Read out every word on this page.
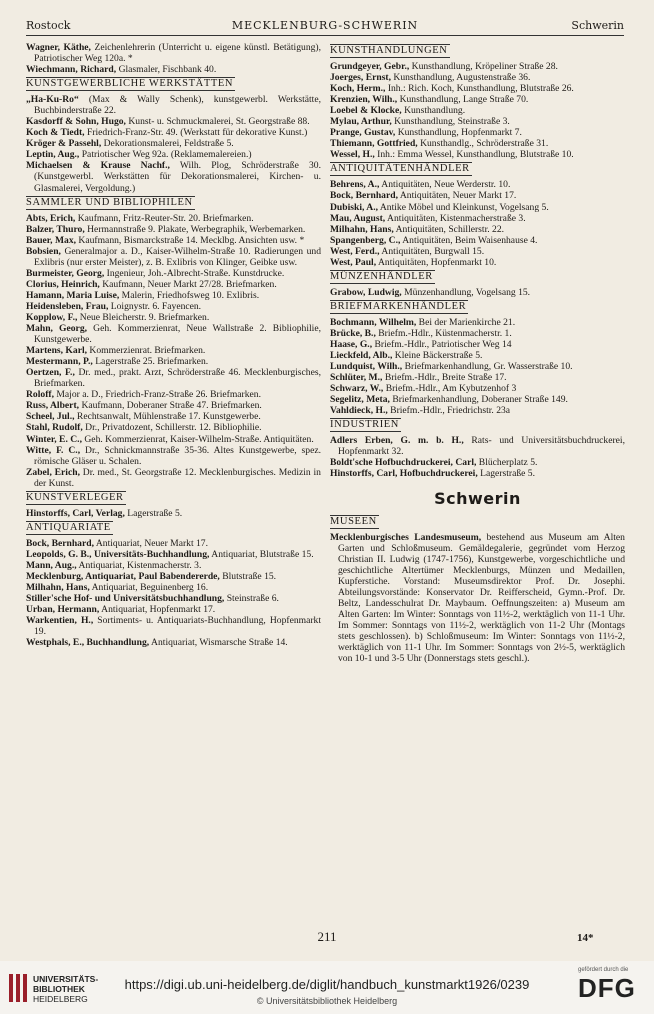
Rostock	MECKLENBURG-SCHWERIN	Schwerin

Wagner, Käthe, Zeichenlehrerin (Unterricht u. eigene künstl. Betätigung), Patriotischer Weg 120a. *

Wiechmann, Richard, Glasmaler, Fischbank 40.

KUNSTGEWERBLICHE WERKSTÄTTEN

„Ha-Ku-Ro“ (Max & Wally Schenk), kunstgewerbl. Werkstätte, Buchbinderstraße 22.

Kasdorff & Sohn, Hugo, Kunst- u. Schmuckmalerei, St. Georgstraße 88.

Koch & Tiedt, Friedrich-Franz-Str. 49. (Werkstatt für dekorative Kunst.)

Kröger & Passehl, Dekorationsmalerei, Feldstraße 5.

Leptin, Aug., Patriotischer Weg 92a. (Reklamemalereien.)

Michaelsen & Krause Nachf., Wilh. Plog, Schröderstraße 30. (Kunstgewerbl. Werkstätten für Dekorationsmalerei, Kirchen- u. Glasmalerei, Vergoldung.)

SAMMLER UND BIBLIOPHILEN

Abts, Erich, Kaufmann, Fritz-Reuter-Str. 20. Briefmarken.

Balzer, Thuro, Hermannstraße 9. Plakate, Werbegraphik, Werbemarken.

Bauer, Max, Kaufmann, Bismarckstraße 14. Mecklbg. Ansichten usw. *

Bobsien, Generalmajor a. D., Kaiser-Wilhelm-Straße 10. Radierungen und Exlibris (nur erster Meister), z. B. Exlibris von Klinger, Geibke usw.

Burmeister, Georg, Ingenieur, Joh.-Albrecht-Straße. Kunstdrucke.

Clorius, Heinrich, Kaufmann, Neuer Markt 27/28. Briefmarken.

Hamann, Maria Luise, Malerin, Friedhofsweg 10. Exlibris.

Heidensleben, Frau, Loignystr. 6. Fayencen.

Kopplow, F., Neue Bleicherstr. 9. Briefmarken.

Mahn, Georg, Geh. Kommerzienrat, Neue Wallstraße 2. Bibliophilie, Kunstgewerbe.

Martens, Karl, Kommerzienrat. Briefmarken.

Mestermann, P., Lagerstraße 25. Briefmarken.

Oertzen, F., Dr. med., prakt. Arzt, Schröderstraße 46. Mecklenburgisches, Briefmarken.

Roloff, Major a. D., Friedrich-Franz-Straße 26. Briefmarken.

Russ, Albert, Kaufmann, Doberaner Straße 47. Briefmarken.

Scheel, Jul., Rechtsanwalt, Mühlenstraße 17. Kunstgewerbe.

Stahl, Rudolf, Dr., Privatdozent, Schillerstr. 12. Bibliophilie.

Winter, E. C., Geh. Kommerzienrat, Kaiser-Wilhelm-Straße. Antiquitäten.

Witte, F. C., Dr., Schnickmannstraße 35-36. Altes Kunstgewerbe, spez. römische Gläser u. Schalen.

Zabel, Erich, Dr. med., St. Georgstraße 12. Mecklenburgisches. Medizin in der Kunst.

KUNSTVERLEGER

Hinstorffs, Carl, Verlag, Lagerstraße 5.

ANTIQUARIATE

Bock, Bernhard, Antiquariat, Neuer Markt 17.

Leopolds, G. B., Universitäts-Buchhandlung, Antiquariat, Blutstraße 15.

Mann, Aug., Antiquariat, Kistenmacherstr. 3.

Mecklenburg, Antiquariat, Paul Babendererde, Blutstraße 15.

Milhahn, Hans, Antiquariat, Beguinenberg 16.

Stiller'sche Hof- und Universitätsbuchhandlung, Steinstraße 6.

Urban, Hermann, Antiquariat, Hopfenmarkt 17.

Warkentien, H., Sortiments- u. Antiquariats-Buchhandlung, Hopfenmarkt 19.

Westphals, E., Buchhandlung, Antiquariat, Wismarsche Straße 14.

KUNSTHANDLUNGEN

Grundgeyer, Gebr., Kunsthandlung, Kröpeliner Straße 28.

Joerges, Ernst, Kunsthandlung, Augustenstraße 36.

Koch, Herm., Inh.: Rich. Koch, Kunsthandlung, Blutstraße 26.

Krenzien, Wilh., Kunsthandlung, Lange Straße 70.

Loebel & Klocke, Kunsthandlung.

Mylau, Arthur, Kunsthandlung, Steinstraße 3.

Prange, Gustav, Kunsthandlung, Hopfenmarkt 7.

Thiemann, Gottfried, Kunsthandlg., Schröderstraße 31.

Wessel, H., Inh.: Emma Wessel, Kunsthandlung, Blutstraße 10.

ANTIQUITÄTENHÄNDLER

Behrens, A., Antiquitäten, Neue Werderstr. 10.

Bock, Bernhard, Antiquitäten, Neuer Markt 17.

Dubiski, A., Antike Möbel und Kleinkunst, Vogelsang 5.

Mau, August, Antiquitäten, Kistenmacherstraße 3.

Milhahn, Hans, Antiquitäten, Schillerstr. 22.

Spangenberg, C., Antiquitäten, Beim Waisenhause 4.

West, Ferd., Antiquitäten, Burgwall 15.

West, Paul, Antiquitäten, Hopfenmarkt 10.

MÜNZENHÄNDLER

Grabow, Ludwig, Münzenhandlung, Vogelsang 15.

BRIEFMARKENHÄNDLER

Bochmann, Wilhelm, Bei der Marienkirche 21.

Brücke, B., Briefm.-Hdlr., Küstenmacherstr. 1.

Haase, G., Briefm.-Hdlr., Patriotischer Weg 14

Lieckfeld, Alb., Kleine Bäckerstraße 5.

Lundquist, Wilh., Briefmarkenhandlung, Gr. Wasserstraße 10.

Schlüter, M., Briefm.-Hdlr., Breite Straße 17.

Schwarz, W., Briefm.-Hdlr., Am Kybutzenhof 3

Segelitz, Meta, Briefmarkenhandlung, Doberaner Straße 149.

Vahldieck, H., Briefm.-Hdlr., Friedrichstr. 23a

INDUSTRIEN

Adlers Erben, G. m. b. H., Rats- und Universitätsbuchdruckerei, Hopfenmarkt 32.

Boldt'sche Hofbuchdruckerei, Carl, Blücherplatz 5.

Hinstorffs, Carl, Hofbuchdruckerei, Lagerstraße 5.

Schwerin
MUSEEN

Mecklenburgisches Landesmuseum, bestehend aus Museum am Alten Garten und Schloßmuseum. Gemäldegalerie, gegründet vom Herzog Christian II. Ludwig (1747-1756), Kunstgewerbe, vorgeschichtliche und geschichtliche Altertümer Mecklenburgs, Münzen und Medaillen, Kupferstiche. Vorstand: Museumsdirektor Prof. Dr. Josephi. Abteilungsvorstände: Konservator Dr. Reifferscheid, Gymn.-Prof. Dr. Beltz, Landesschulrat Dr. Maybaum. Oeffnungszeiten: a) Museum am Alten Garten: Im Winter: Sonntags von 11½-2, werktäglich von 11-1 Uhr. Im Sommer: Sonntags von 11½-2, werktäglich von 11-2 Uhr (Montags stets geschlossen). b) Schloßmuseum: Im Winter: Sonntags von 11½-2, werktäglich von 11-1 Uhr. Im Sommer: Sonntags von 2½-5, werktäglich von 10-1 und 3-5 Uhr (Donnerstags stets geschl.).

211	14*
UNIVERSITÄTS-
BIBLIOTHEK
HEIDELBERG
https://digi.ub.uni-heidelberg.de/diglit/handbuch_kunstmarkt1926/0239
© Universitätsbibliothek Heidelberg
gefördert durch die
DFG
